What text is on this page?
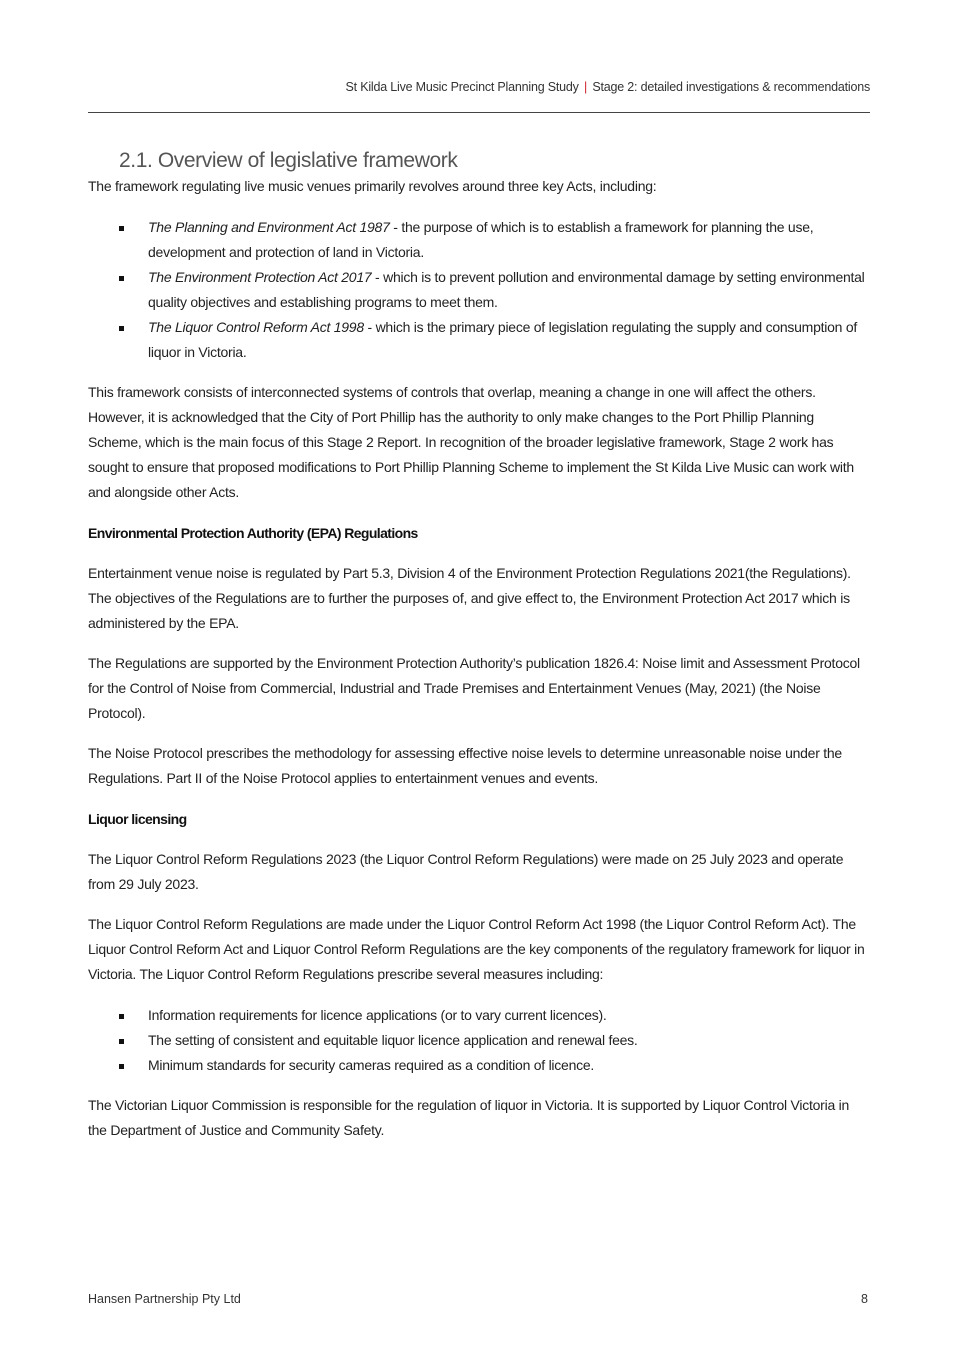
St Kilda Live Music Precinct Planning Study | Stage 2: detailed investigations & recommendations
2.1. Overview of legislative framework

The framework regulating live music venues primarily revolves around three key Acts, including:

The Planning and Environment Act 1987 - the purpose of which is to establish a framework for planning the use, development and protection of land in Victoria.
The Environment Protection Act 2017 - which is to prevent pollution and environmental damage by setting environmental quality objectives and establishing programs to meet them.
The Liquor Control Reform Act 1998 - which is the primary piece of legislation regulating the supply and consumption of liquor in Victoria.

This framework consists of interconnected systems of controls that overlap, meaning a change in one will affect the others. However, it is acknowledged that the City of Port Phillip has the authority to only make changes to the Port Phillip Planning Scheme, which is the main focus of this Stage 2 Report. In recognition of the broader legislative framework, Stage 2 work has sought to ensure that proposed modifications to Port Phillip Planning Scheme to implement the St Kilda Live Music can work with and alongside other Acts.

Environmental Protection Authority (EPA) Regulations

Entertainment venue noise is regulated by Part 5.3, Division 4 of the Environment Protection Regulations 2021(the Regulations). The objectives of the Regulations are to further the purposes of, and give effect to, the Environment Protection Act 2017 which is administered by the EPA.

The Regulations are supported by the Environment Protection Authority’s publication 1826.4: Noise limit and Assessment Protocol for the Control of Noise from Commercial, Industrial and Trade Premises and Entertainment Venues (May, 2021) (the Noise Protocol).

The Noise Protocol prescribes the methodology for assessing effective noise levels to determine unreasonable noise under the Regulations. Part II of the Noise Protocol applies to entertainment venues and events.

Liquor licensing

The Liquor Control Reform Regulations 2023 (the Liquor Control Reform Regulations) were made on 25 July 2023 and operate from 29 July 2023.

The Liquor Control Reform Regulations are made under the Liquor Control Reform Act 1998 (the Liquor Control Reform Act). The Liquor Control Reform Act and Liquor Control Reform Regulations are the key components of the regulatory framework for liquor in Victoria. The Liquor Control Reform Regulations prescribe several measures including:

Information requirements for licence applications (or to vary current licences).
The setting of consistent and equitable liquor licence application and renewal fees.
Minimum standards for security cameras required as a condition of licence.

The Victorian Liquor Commission is responsible for the regulation of liquor in Victoria. It is supported by Liquor Control Victoria in the Department of Justice and Community Safety.

Hansen Partnership Pty Ltd	8
